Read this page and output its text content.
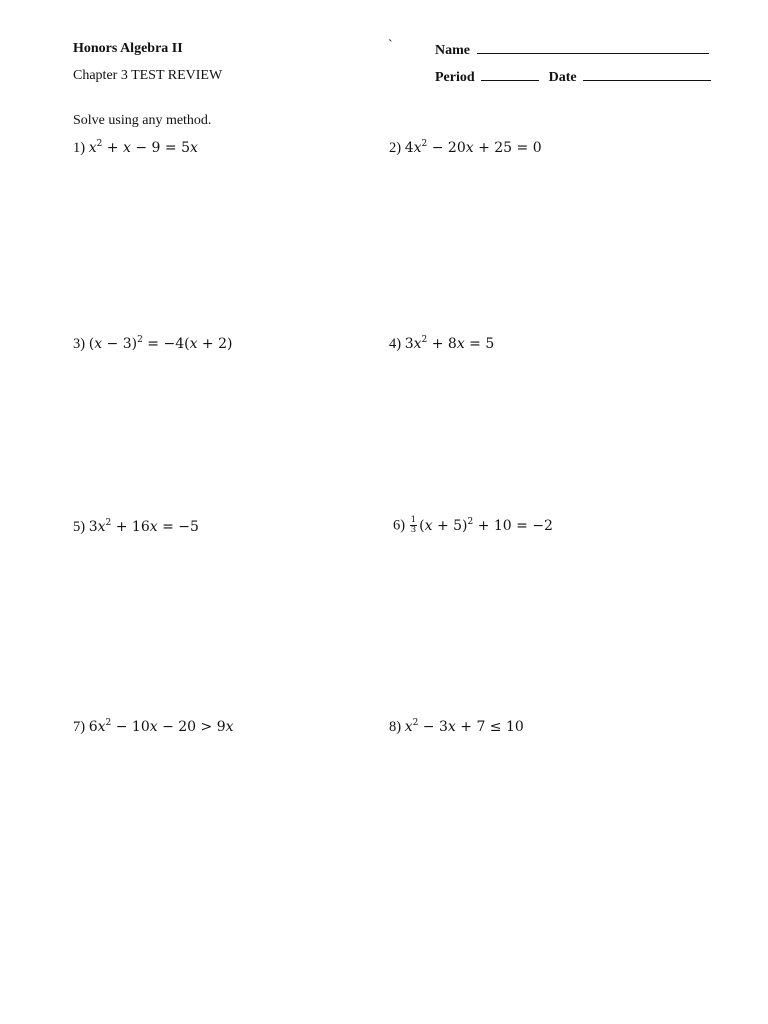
Honors Algebra II
Chapter 3 TEST REVIEW
`	Name
Period	Date
Solve using any method.
1) $x^2 + x - 9 = 5x$	2) $4x^2 - 20x + 25 = 0$
3) $(x - 3)^2 = -4(x + 2)$	4) $3x^2 + 8x = 5$
5) $3x^2 + 16x = -5$	$6) \frac{1}{3} (x + 5)^2 + 10 = -2$
7) $6x^2 - 10x - 20 > 9x$	8) $x^2 - 3x + 7 \le 10$
